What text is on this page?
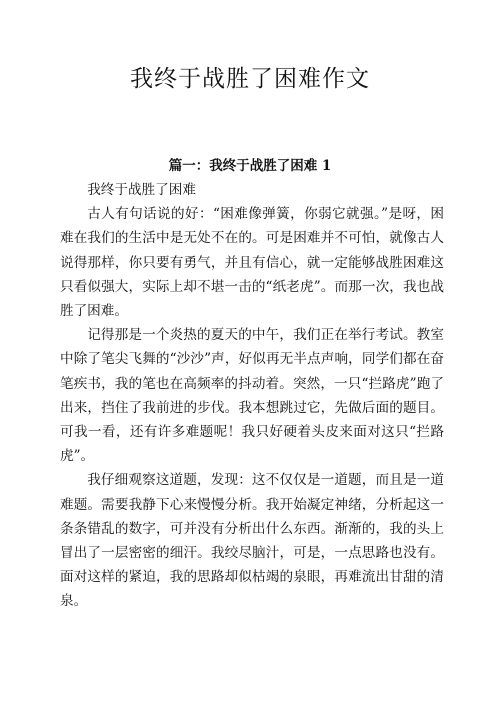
我终于战胜了困难作文
篇一：我终于战胜了困难 1

我终于战胜了困难

古人有句话说的好：“困难像弹簧，你弱它就强。”是呀，困难在我们的生活中是无处不在的。可是困难并不可怕，就像古人说得那样，你只要有勇气，并且有信心，就一定能够战胜困难这只看似强大，实际上却不堪一击的“纸老虎”。而那一次，我也战胜了困难。

记得那是一个炎热的夏天的中午，我们正在举行考试。教室中除了笔尖飞舞的“沙沙”声，好似再无半点声响，同学们都在奋笔疾书，我的笔也在高频率的抖动着。突然，一只“拦路虎”跑了出来，挡住了我前进的步伐。我本想跳过它，先做后面的题目。可我一看，还有许多难题呢！我只好硬着头皮来面对这只“拦路虎”。

我仔细观察这道题，发现：这不仅仅是一道题，而且是一道难题。需要我静下心来慢慢分析。我开始凝定神绪，分析起这一条条错乱的数字，可并没有分析出什么东西。渐渐的，我的头上冒出了一层密密的细汗。我绞尽脑汁，可是，一点思路也没有。面对这样的紧迫，我的思路却似枯竭的泉眼，再难流出甘甜的清泉。
